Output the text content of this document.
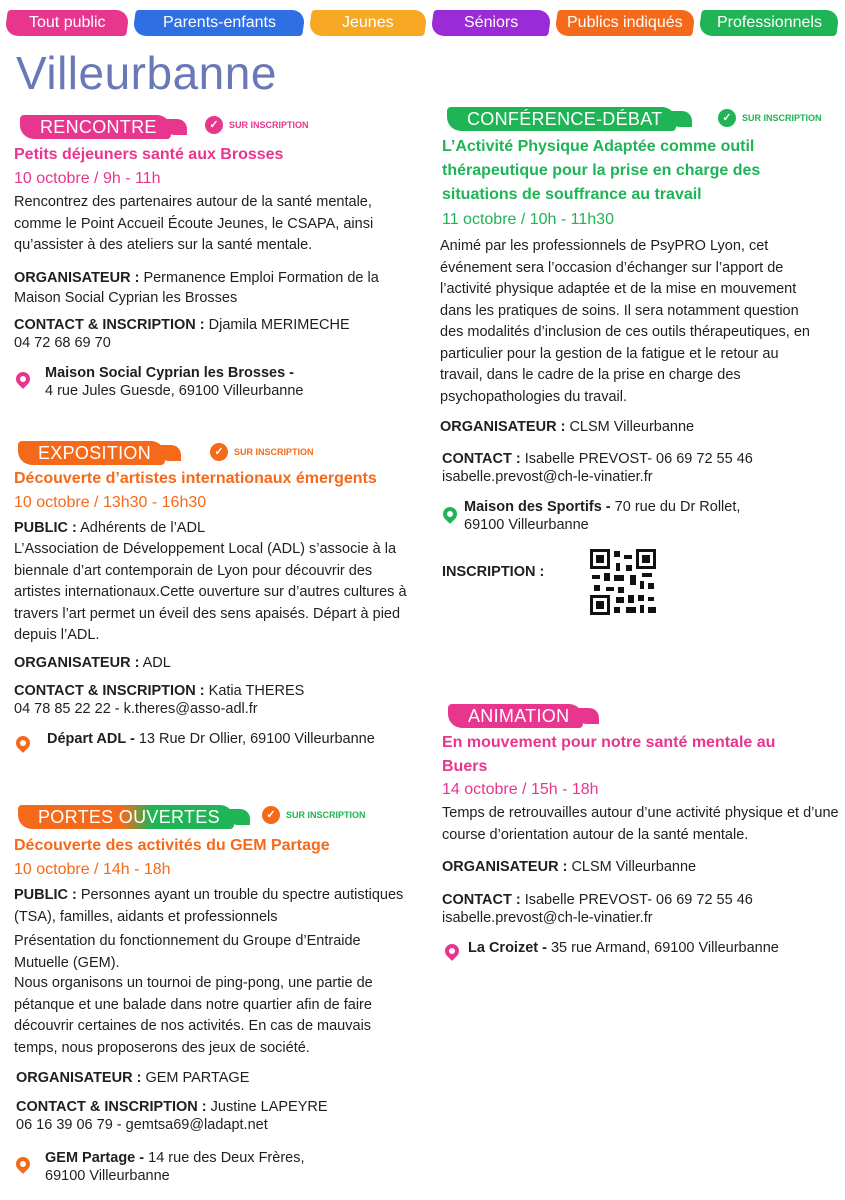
Tout public	Parents-enfants	Jeunes	Séniors	Publics indiqués	Professionnels
Villeurbanne
RENCONTRE	✓	SUR INSCRIPTION
Petits déjeuners santé aux Brosses
10 octobre / 9h - 11h
Rencontrez des partenaires autour de la santé mentale, comme le Point Accueil Écoute Jeunes, le CSAPA, ainsi qu’assister à des ateliers sur la santé mentale.
ORGANISATEUR : Permanence Emploi Formation de la Maison Social Cyprian les Brosses
CONTACT & INSCRIPTION : Djamila MERIMECHE
04 72 68 69 70
Maison Social Cyprian les Brosses -
4 rue Jules Guesde, 69100 Villeurbanne
EXPOSITION	✓	SUR INSCRIPTION
Découverte d’artistes internationaux émergents
10 octobre / 13h30 - 16h30
PUBLIC : Adhérents de l’ADL
L’Association de Développement Local (ADL) s’associe à la biennale d’art contemporain de Lyon pour découvrir des artistes internationaux.Cette ouverture sur d’autres cultures à travers l’art permet un éveil des sens apaisés. Départ à pied depuis l’ADL.
ORGANISATEUR : ADL
CONTACT & INSCRIPTION : Katia THERES
04 78 85 22 22 - k.theres@asso-adl.fr
Départ ADL - 13 Rue Dr Ollier, 69100 Villeurbanne
PORTES OUVERTES	✓	SUR INSCRIPTION
Découverte des activités du GEM Partage
10 octobre / 14h - 18h
PUBLIC : Personnes ayant un trouble du spectre autistiques (TSA), familles, aidants et professionnels
Présentation du fonctionnement du Groupe d’Entraide Mutuelle (GEM).
Nous organisons un tournoi de ping-pong, une partie de pétanque et une balade dans notre quartier afin de faire découvrir certaines de nos activités. En cas de mauvais temps, nous proposerons des jeux de société.
ORGANISATEUR : GEM PARTAGE
CONTACT & INSCRIPTION : Justine LAPEYRE
06 16 39 06 79 - gemtsa69@ladapt.net
GEM Partage - 14 rue des Deux Frères,
69100 Villeurbanne
CONFÉRENCE-DÉBAT	✓	SUR INSCRIPTION
L’Activité Physique Adaptée comme outil thérapeutique pour la prise en charge des situations de souffrance au travail
11 octobre / 10h - 11h30
Animé par les professionnels de PsyPRO Lyon, cet événement sera l’occasion d’échanger sur l’apport de l’activité physique adaptée et de la mise en mouvement dans les pratiques de soins. Il sera notamment question des modalités d’inclusion de ces outils thérapeutiques, en particulier pour la gestion de la fatigue et le retour au travail, dans le cadre de la prise en charge des psychopathologies du travail.
ORGANISATEUR : CLSM Villeurbanne
CONTACT : Isabelle PREVOST- 06 69 72 55 46
isabelle.prevost@ch-le-vinatier.fr
Maison des Sportifs - 70 rue du Dr Rollet,
69100 Villeurbanne
INSCRIPTION :
ANIMATION
En mouvement pour notre santé mentale au Buers
14 octobre / 15h - 18h
Temps de retrouvailles autour d’une activité physique et d’une course d’orientation autour de la santé mentale.
ORGANISATEUR : CLSM Villeurbanne
CONTACT : Isabelle PREVOST- 06 69 72 55 46
isabelle.prevost@ch-le-vinatier.fr
La Croizet - 35 rue Armand, 69100 Villeurbanne
